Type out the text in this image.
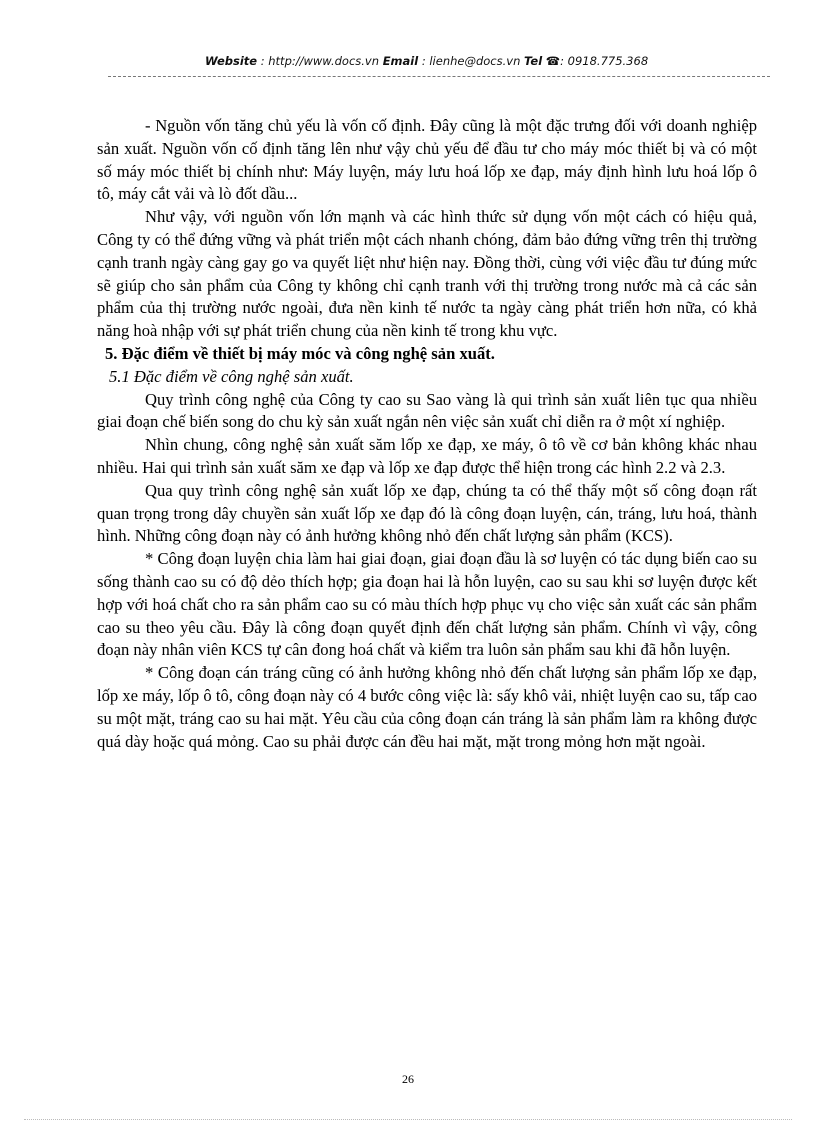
Website : http://www.docs.vn Email : lienhe@docs.vn Tel ☎: 0918.775.368

- Nguồn vốn tăng chủ yếu là vốn cố định. Đây cũng là một đặc trưng đối với doanh nghiệp sản xuất. Nguồn vốn cố định tăng lên như vậy chủ yếu để đầu tư cho máy móc thiết bị và có một số máy móc thiết bị chính như: Máy luyện, máy lưu hoá lốp xe đạp, máy định hình lưu hoá lốp ô tô, máy cắt vải và lò đốt dầu...

Như vậy, với nguồn vốn lớn mạnh và các hình thức sử dụng vốn một cách có hiệu quả, Công ty có thể đứng vững và phát triển một cách nhanh chóng, đảm bảo đứng vững trên thị trường cạnh tranh ngày càng gay go va quyết liệt như hiện nay. Đồng thời, cùng với việc đầu tư đúng mức sẽ giúp cho sản phẩm của Công ty không chỉ cạnh tranh với thị trường trong nước mà cả các sản phẩm của thị trường nước ngoài, đưa nền kinh tế nước ta ngày càng phát triển hơn nữa, có khả năng hoà nhập với sự phát triển chung của nền kinh tế trong khu vực.

5. Đặc điểm về thiết bị máy móc và công nghệ sản xuất.
5.1 Đặc điểm về công nghệ sản xuất.

Quy trình công nghệ của Công ty cao su Sao vàng là qui trình sản xuất liên tục qua nhiều giai đoạn chế biến song do chu kỳ sản xuất ngắn nên việc sản xuất chỉ diễn ra ở một xí nghiệp.

Nhìn chung, công nghệ sản xuất săm lốp xe đạp, xe máy, ô tô về cơ bản không khác nhau nhiều. Hai qui trình sản xuất săm xe đạp và lốp xe đạp được thể hiện trong các hình 2.2 và 2.3.

Qua quy trình công nghệ sản xuất lốp xe đạp, chúng ta có thể thấy một số công đoạn rất quan trọng trong dây chuyền sản xuất lốp xe đạp đó là công đoạn luyện, cán, tráng, lưu hoá, thành hình. Những công đoạn này có ảnh hưởng không nhỏ đến chất lượng sản phẩm (KCS).

* Công đoạn luyện chia làm hai giai đoạn, giai đoạn đầu là sơ luyện có tác dụng biến cao su sống thành cao su có độ dẻo thích hợp; gia đoạn hai là hỗn luyện, cao su sau khi sơ luyện được kết hợp với hoá chất cho ra sản phẩm cao su có màu thích hợp phục vụ cho việc sản xuất các sản phẩm cao su theo yêu cầu. Đây là công đoạn quyết định đến chất lượng sản phẩm. Chính vì vậy, công đoạn này nhân viên KCS tự cân đong hoá chất và kiểm tra luôn sản phẩm sau khi đã hỗn luyện.

* Công đoạn cán tráng cũng có ảnh hưởng không nhỏ đến chất lượng sản phẩm lốp xe đạp, lốp xe máy, lốp ô tô, công đoạn này có 4 bước công việc là: sấy khô vải, nhiệt luyện cao su, tấp cao su một mặt, tráng cao su hai mặt. Yêu cầu của công đoạn cán tráng là sản phẩm làm ra không được quá dày hoặc quá mỏng. Cao su phải được cán đều hai mặt, mặt trong mỏng hơn mặt ngoài.

26
